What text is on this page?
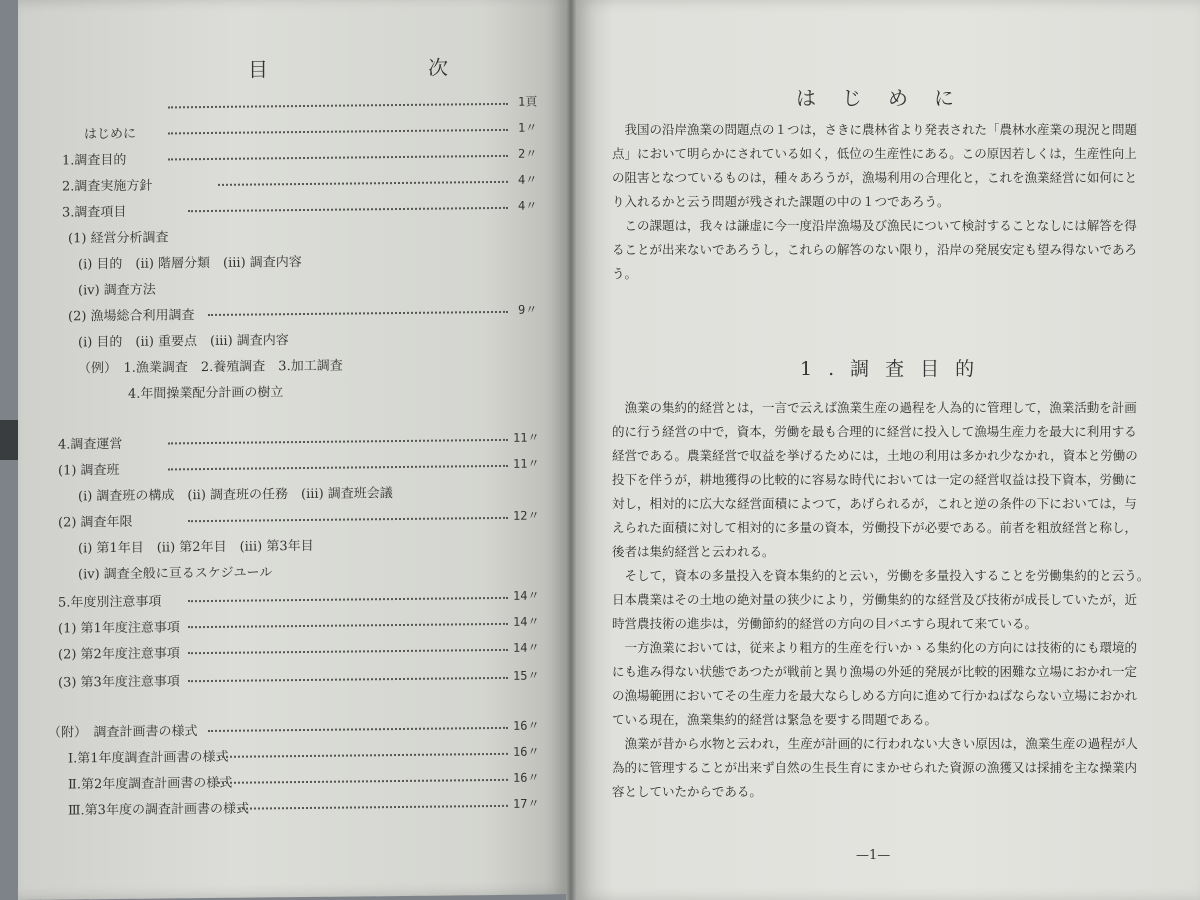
目　次
1頁
はじめに	1〃
1.調査目的	2〃
2.調査実施方針	4〃
3.調査項目	4〃
(1) 経営分析調査
(i) 目的　(ii) 階層分類　(iii) 調査内容
(iv) 調査方法
(2) 漁場総合利用調査	9〃
(i) 目的　(ii) 重要点　(iii) 調査内容
（例）　1.漁業調査　2.養殖調査　3.加工調査
4.年間操業配分計画の樹立
4.調査運営	11〃
(1) 調査班	11〃
(i) 調査班の構成　(ii) 調査班の任務　(iii) 調査班会議
(2) 調査年限	12〃
(i) 第1年目　(ii) 第2年目　(iii) 第3年目
(iv) 調査全般に亘るスケジユール
5.年度別注意事項	14〃
(1) 第1年度注意事項	14〃
(2) 第2年度注意事項	14〃
(3) 第3年度注意事項	15〃
（附）　調査計画書の様式	16〃
Ⅰ.第1年度調査計画書の様式	16〃
Ⅱ.第2年度調査計画書の様式	16〃
Ⅲ.第3年度の調査計画書の様式	17〃
はじめに

　我国の沿岸漁業の問題点の１つは，さきに農林省より発表された「農林水産業の現況と問題

点」において明らかにされている如く，低位の生産性にある。この原因若しくは，生産性向上

の阻害となつているものは，種々あろうが，漁場利用の合理化と，これを漁業経営に如何にと

り入れるかと云う問題が残された課題の中の１つであろう。

　この課題は，我々は謙虚に今一度沿岸漁場及び漁民について検討することなしには解答を得

ることが出来ないであろうし，これらの解答のない限り，沿岸の発展安定も望み得ないであろ

う。

1.調査目的

　漁業の集約的経営とは，一言で云えば漁業生産の過程を人為的に管理して，漁業活動を計画

的に行う経営の中で，資本，労働を最も合理的に経営に投入して漁場生産力を最大に利用する

経営である。農業経営で収益を挙げるためには，土地の利用は多かれ少なかれ，資本と労働の

投下を伴うが，耕地獲得の比較的に容易な時代においては一定の経営収益は投下資本，労働に

対し，相対的に広大な経営面積によつて，あげられるが，これと逆の条件の下においては，与

えられた面積に対して相対的に多量の資本，労働投下が必要である。前者を粗放経営と称し，

後者は集約経営と云われる。

　そして，資本の多量投入を資本集約的と云い，労働を多量投入することを労働集約的と云う。

日本農業はその土地の絶対量の狭少により，労働集約的な経営及び技術が成長していたが，近

時営農技術の進歩は，労働節約的経営の方向の目バエすら現れて来ている。

　一方漁業においては，従来より粗方的生産を行いかゝる集約化の方向には技術的にも環境的

にも進み得ない状態であつたが戦前と異り漁場の外延的発展が比較的困難な立場におかれ一定

の漁場範囲においてその生産力を最大ならしめる方向に進めて行かねばならない立場におかれ

ている現在，漁業集約的経営は緊急を要する問題である。

　漁業が昔から水物と云われ，生産が計画的に行われない大きい原因は，漁業生産の過程が人

為的に管理することが出来ず自然の生長生育にまかせられた資源の漁獲又は採捕を主な操業内

容としていたからである。

—1—
